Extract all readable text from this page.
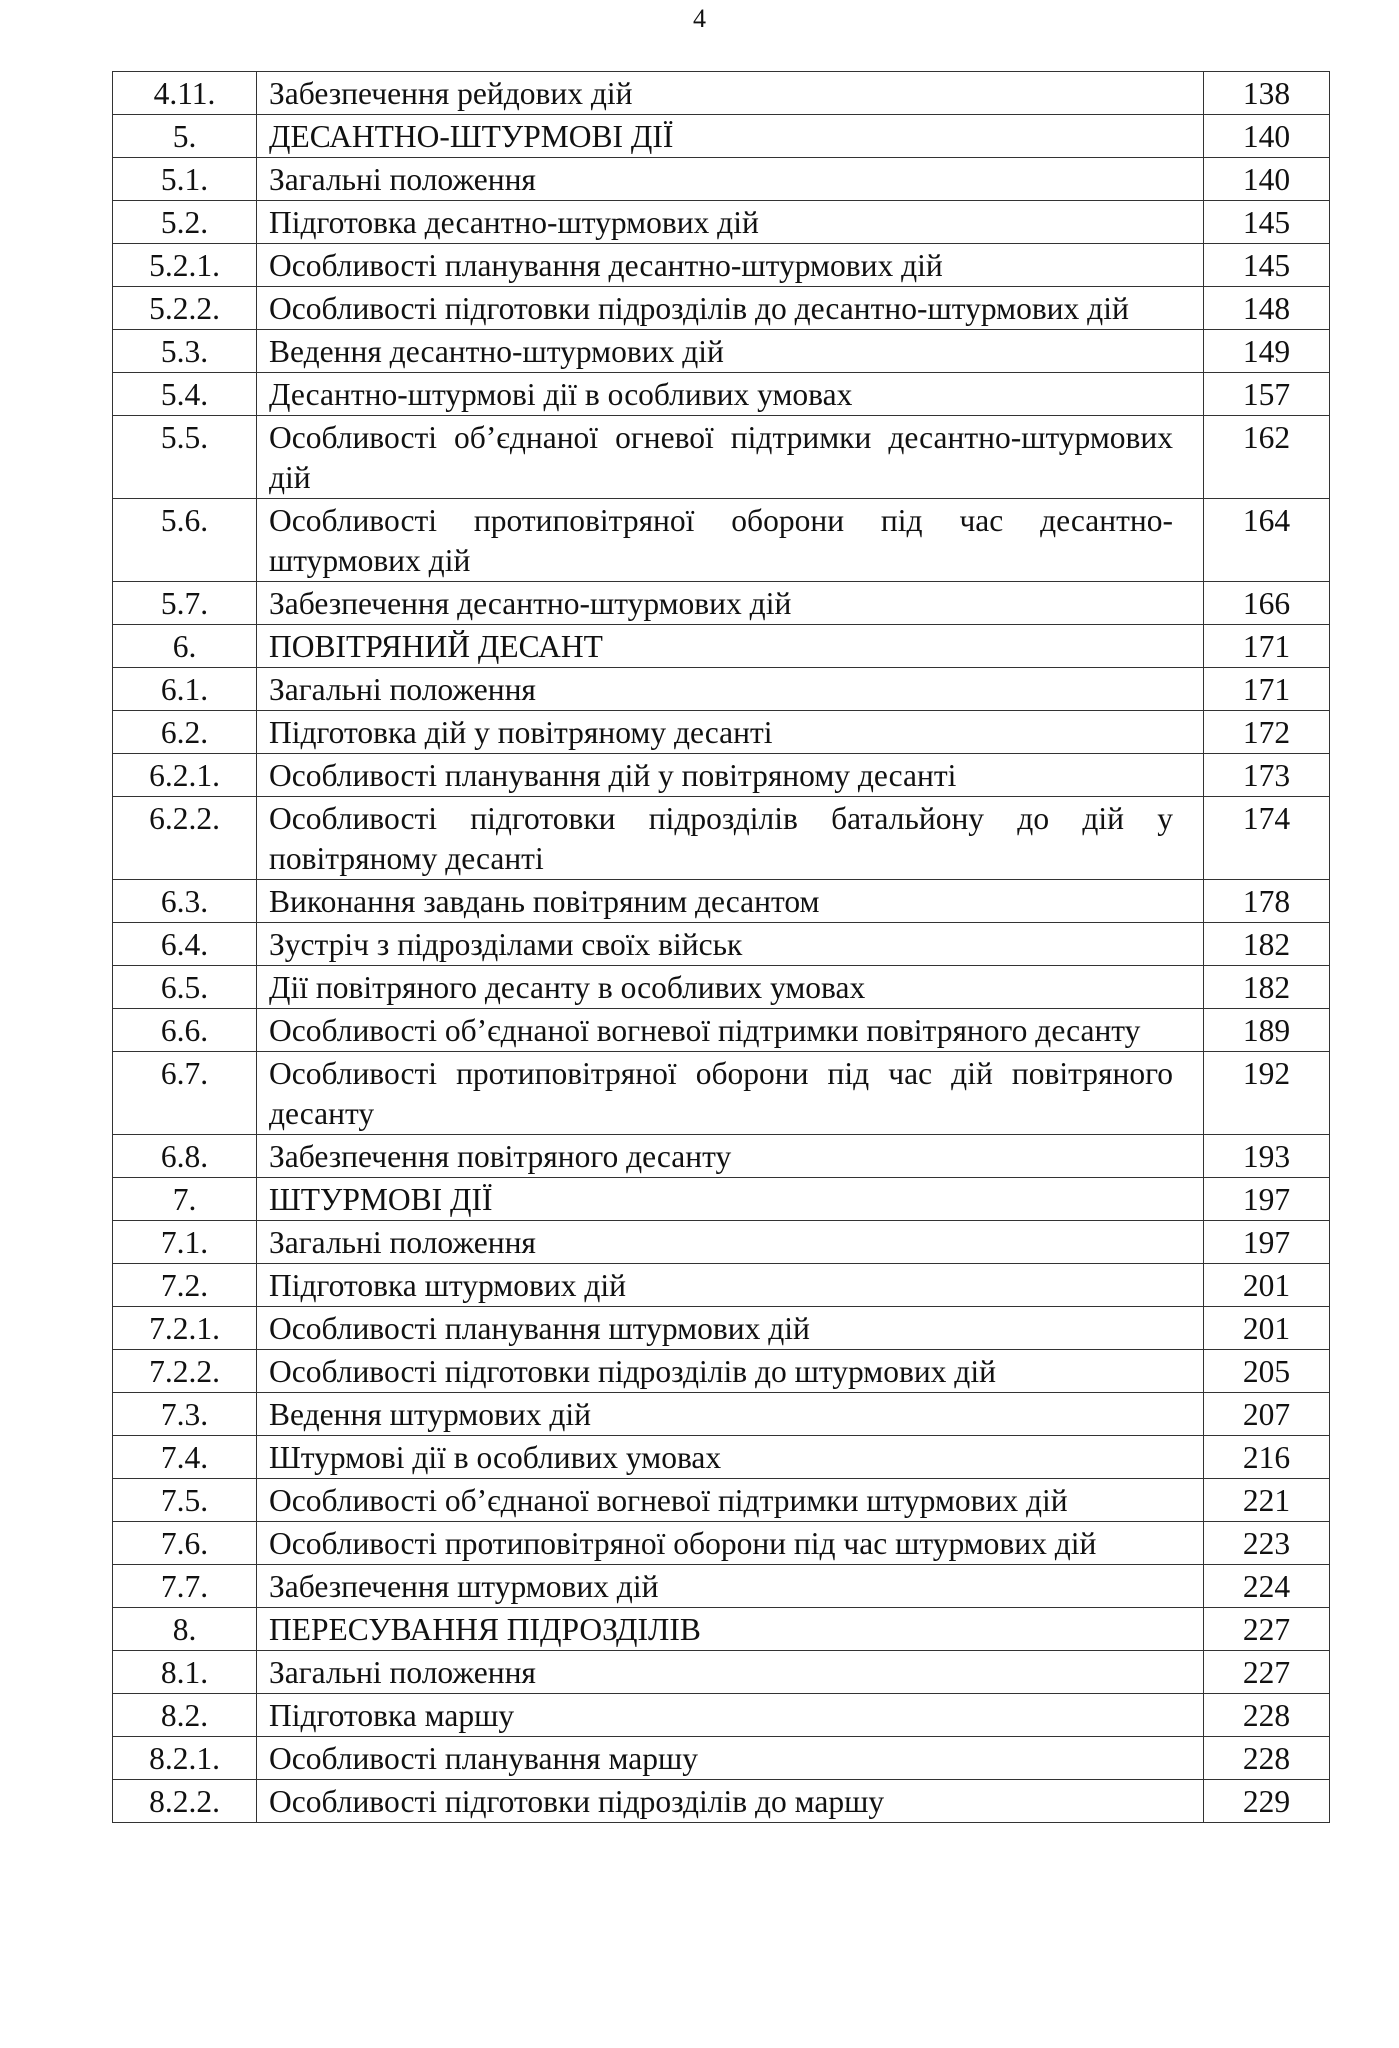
4
4.11.	Забезпечення рейдових дій	138
5.	ДЕСАНТНО-ШТУРМОВІ ДІЇ	140
5.1.	Загальні положення	140
5.2.	Підготовка десантно-штурмових дій	145
5.2.1.	Особливості планування десантно-штурмових дій	145
5.2.2.	Особливості підготовки підрозділів до десантно-штурмових дій	148
5.3.	Ведення десантно-штурмових дій	149
5.4.	Десантно-штурмові дії в особливих умовах	157
5.5.	Особливості об’єднаної огневої підтримки десантно-штурмових дій	162
5.6.	Особливості протиповітряної оборони під час десантно-штурмових дій	164
5.7.	Забезпечення десантно-штурмових дій	166
6.	ПОВІТРЯНИЙ ДЕСАНТ	171
6.1.	Загальні положення	171
6.2.	Підготовка дій у повітряному десанті	172
6.2.1.	Особливості планування дій у повітряному десанті	173
6.2.2.	Особливості підготовки підрозділів батальйону до дій у повітряному десанті	174
6.3.	Виконання завдань повітряним десантом	178
6.4.	Зустріч з підрозділами своїх військ	182
6.5.	Дії повітряного десанту в особливих умовах	182
6.6.	Особливості об’єднаної вогневої підтримки повітряного десанту	189
6.7.	Особливості протиповітряної оборони під час дій повітряного десанту	192
6.8.	Забезпечення повітряного десанту	193
7.	ШТУРМОВІ ДІЇ	197
7.1.	Загальні положення	197
7.2.	Підготовка штурмових дій	201
7.2.1.	Особливості планування штурмових дій	201
7.2.2.	Особливості підготовки підрозділів до штурмових дій	205
7.3.	Ведення штурмових дій	207
7.4.	Штурмові дії в особливих умовах	216
7.5.	Особливості об’єднаної вогневої підтримки штурмових дій	221
7.6.	Особливості протиповітряної оборони під час штурмових дій	223
7.7.	Забезпечення штурмових дій	224
8.	ПЕРЕСУВАННЯ ПІДРОЗДІЛІВ	227
8.1.	Загальні положення	227
8.2.	Підготовка маршу	228
8.2.1.	Особливості планування маршу	228
8.2.2.	Особливості підготовки підрозділів до маршу	229
